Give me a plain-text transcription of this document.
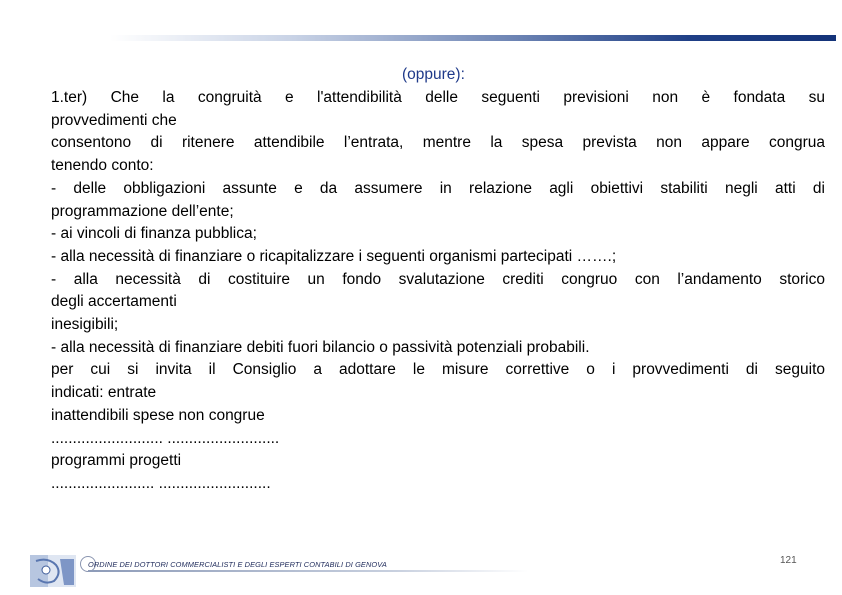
(oppure):
1.ter) Che la congruità e l'attendibilità delle seguenti previsioni non è fondata su
provvedimenti che
consentono di ritenere attendibile l’entrata, mentre la spesa prevista non appare congrua
tenendo conto:
- delle obbligazioni assunte e da assumere in relazione agli obiettivi stabiliti negli atti di
programmazione dell’ente;
- ai vincoli di finanza pubblica;
- alla necessità di finanziare o ricapitalizzare i seguenti organismi partecipati …….;
- alla necessità di costituire un fondo svalutazione crediti congruo con l’andamento storico
degli accertamenti
inesigibili;
- alla necessità di finanziare debiti fuori bilancio o passività potenziali probabili.
per cui si invita il Consiglio a adottare le misure correttive o i provvedimenti di seguito
indicati: entrate
inattendibili spese non congrue
.......................... ..........................
programmi progetti
........................ ..........................
ORDINE DEI DOTTORI COMMERCIALISTI E DEGLI ESPERTI CONTABILI DI GENOVA	121
